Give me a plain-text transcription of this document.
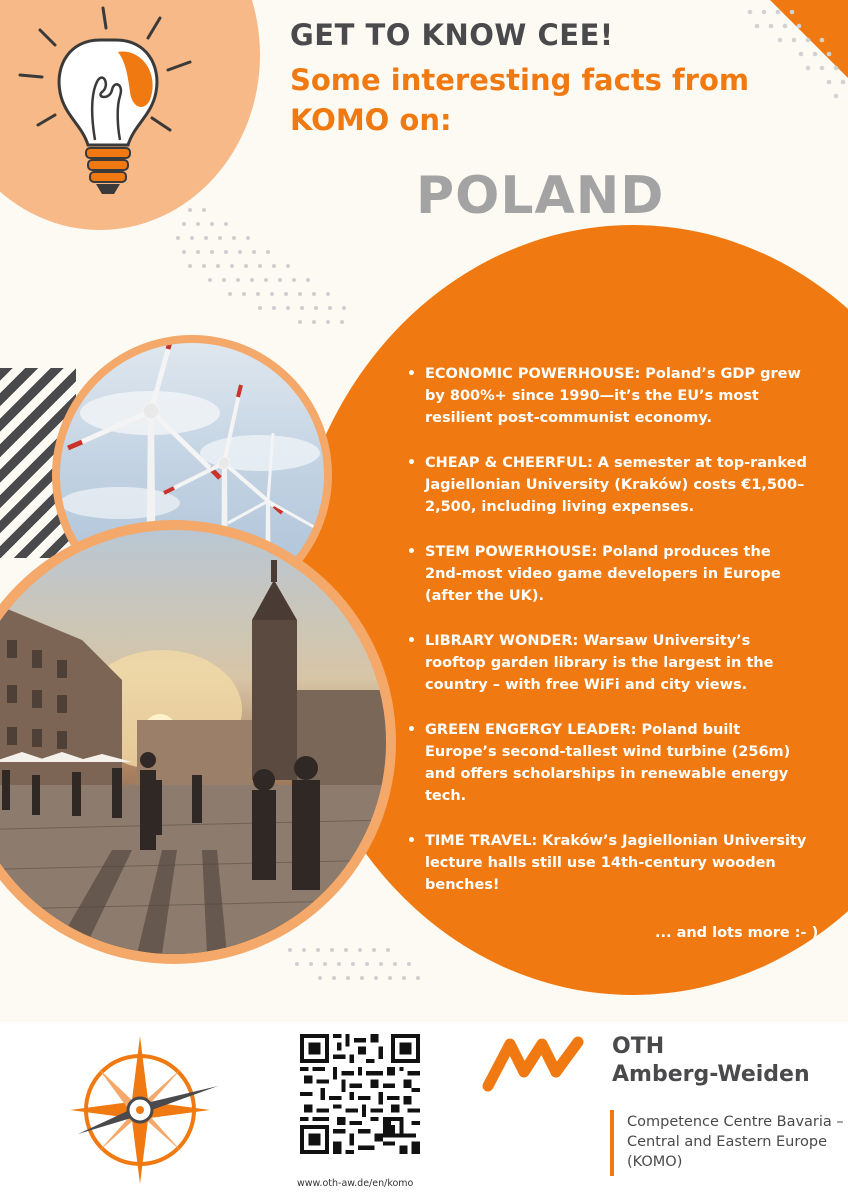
GET TO KNOW CEE!
Some interesting facts from KOMO on:
POLAND
• ECONOMIC POWERHOUSE: Poland’s GDP grew by 800%+ since 1990—it’s the EU’s most resilient post-communist economy.
• CHEAP & CHEERFUL: A semester at top-ranked Jagiellonian University (Kraków) costs €1,500–2,500, including living expenses.
• STEM POWERHOUSE: Poland produces the 2nd-most video game developers in Europe (after the UK).
• LIBRARY WONDER: Warsaw University’s rooftop garden library is the largest in the country – with free WiFi and city views.
• GREEN ENGERGY LEADER: Poland built Europe’s second-tallest wind turbine (256m) and offers scholarships in renewable energy tech.
• TIME TRAVEL: Kraków’s Jagiellonian University lecture halls still use 14th-century wooden benches!
... and lots more :- )
www.oth-aw.de/en/komo
OTH
Amberg-Weiden
Competence Centre Bavaria – Central and Eastern Europe (KOMO)
